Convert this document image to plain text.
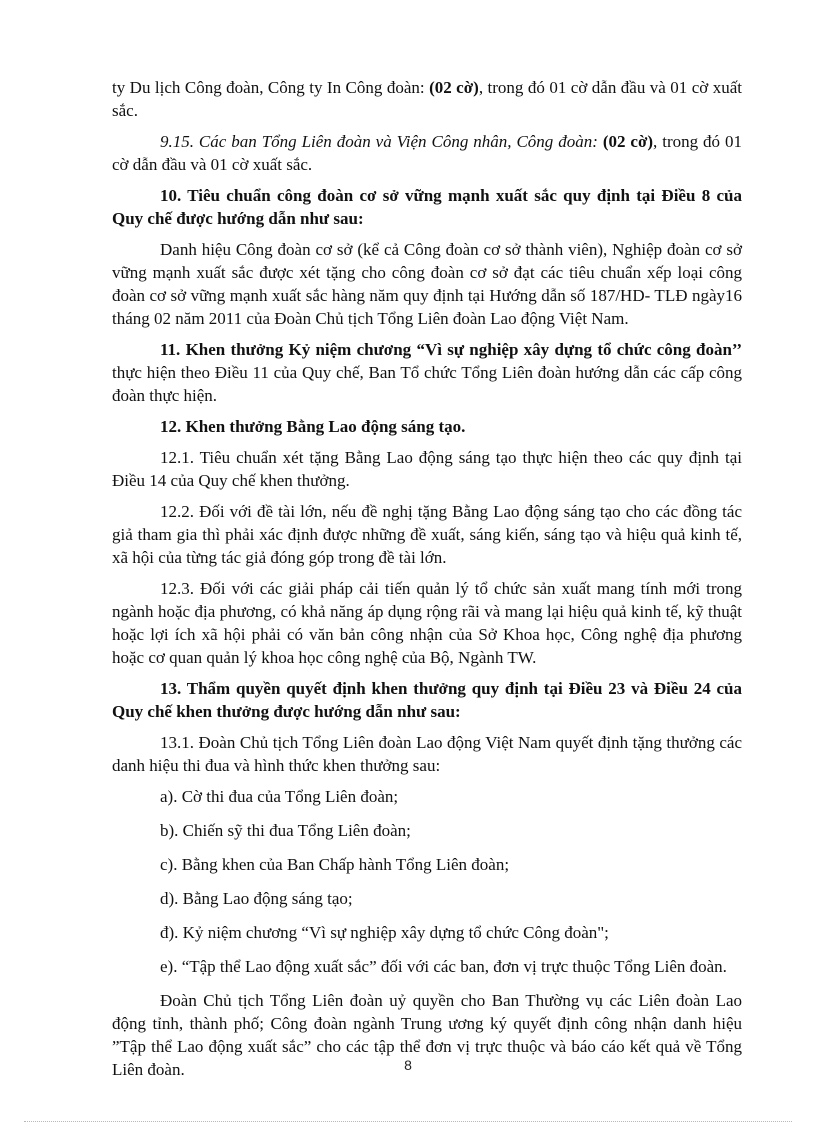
ty Du lịch Công đoàn, Công ty In Công đoàn: (02 cờ), trong đó 01 cờ dẫn đầu và 01 cờ xuất sắc.

9.15. Các ban Tổng Liên đoàn và Viện Công nhân, Công đoàn: (02 cờ), trong đó 01 cờ dẫn đầu và 01 cờ xuất sắc.

10. Tiêu chuẩn công đoàn cơ sở vững mạnh xuất sắc quy định tại Điều 8 của Quy chế được hướng dẫn như sau:

Danh hiệu Công đoàn cơ sở (kể cả Công đoàn cơ sở thành viên), Nghiệp đoàn cơ sở vững mạnh xuất sắc được xét tặng cho công đoàn cơ sở đạt các tiêu chuẩn xếp loại công đoàn cơ sở vững mạnh xuất sắc hàng năm quy định tại Hướng dẫn số 187/HD- TLĐ ngày16 tháng 02 năm 2011 của Đoàn Chủ tịch Tổng Liên đoàn Lao động Việt Nam.

11. Khen thưởng Kỷ niệm chương “Vì sự nghiệp xây dựng tổ chức công đoàn’’ thực hiện theo Điều 11 của Quy chế, Ban Tổ chức Tổng Liên đoàn hướng dẫn các cấp công đoàn thực hiện.

12. Khen thưởng Bằng Lao động sáng tạo.

12.1. Tiêu chuẩn xét tặng Bằng Lao động sáng tạo thực hiện theo các quy định tại Điều 14 của Quy chế khen thưởng.

12.2. Đối với đề tài lớn, nếu đề nghị tặng Bằng Lao động sáng tạo cho các đồng tác giả tham gia thì phải xác định được những đề xuất, sáng kiến, sáng tạo và hiệu quả kinh tế, xã hội của từng tác giả đóng góp trong đề tài lớn.

12.3. Đối với các giải pháp cải tiến quản lý tổ chức sản xuất mang tính mới trong ngành hoặc địa phương, có khả năng áp dụng rộng rãi và mang lại hiệu quả kinh tế, kỹ thuật hoặc lợi ích xã hội phải có văn bản công nhận của Sở Khoa học, Công nghệ địa phương hoặc cơ quan quản lý khoa học công nghệ của Bộ, Ngành TW.

13. Thẩm quyền quyết định khen thưởng quy định tại Điều 23 và Điều 24 của Quy chế khen thưởng được hướng dẫn như sau:

13.1. Đoàn Chủ tịch Tổng Liên đoàn Lao động Việt Nam quyết định tặng thưởng các danh hiệu thi đua và hình thức khen thưởng sau:

a). Cờ thi đua của Tổng Liên đoàn;

b). Chiến sỹ thi đua Tổng Liên đoàn;

c). Bằng khen của Ban Chấp hành Tổng Liên đoàn;

d). Bằng Lao động sáng tạo;

đ). Kỷ niệm chương “Vì sự nghiệp xây dựng tổ chức Công đoàn";

e). “Tập thể Lao động xuất sắc” đối với các ban, đơn vị trực thuộc Tổng Liên đoàn.

Đoàn Chủ tịch Tổng Liên đoàn uỷ quyền cho Ban Thường vụ các Liên đoàn Lao động tỉnh, thành phố; Công đoàn ngành Trung ương ký quyết định công nhận danh hiệu ”Tập thể Lao động xuất sắc” cho các tập thể đơn vị trực thuộc và báo cáo kết quả về Tổng Liên đoàn.	8
